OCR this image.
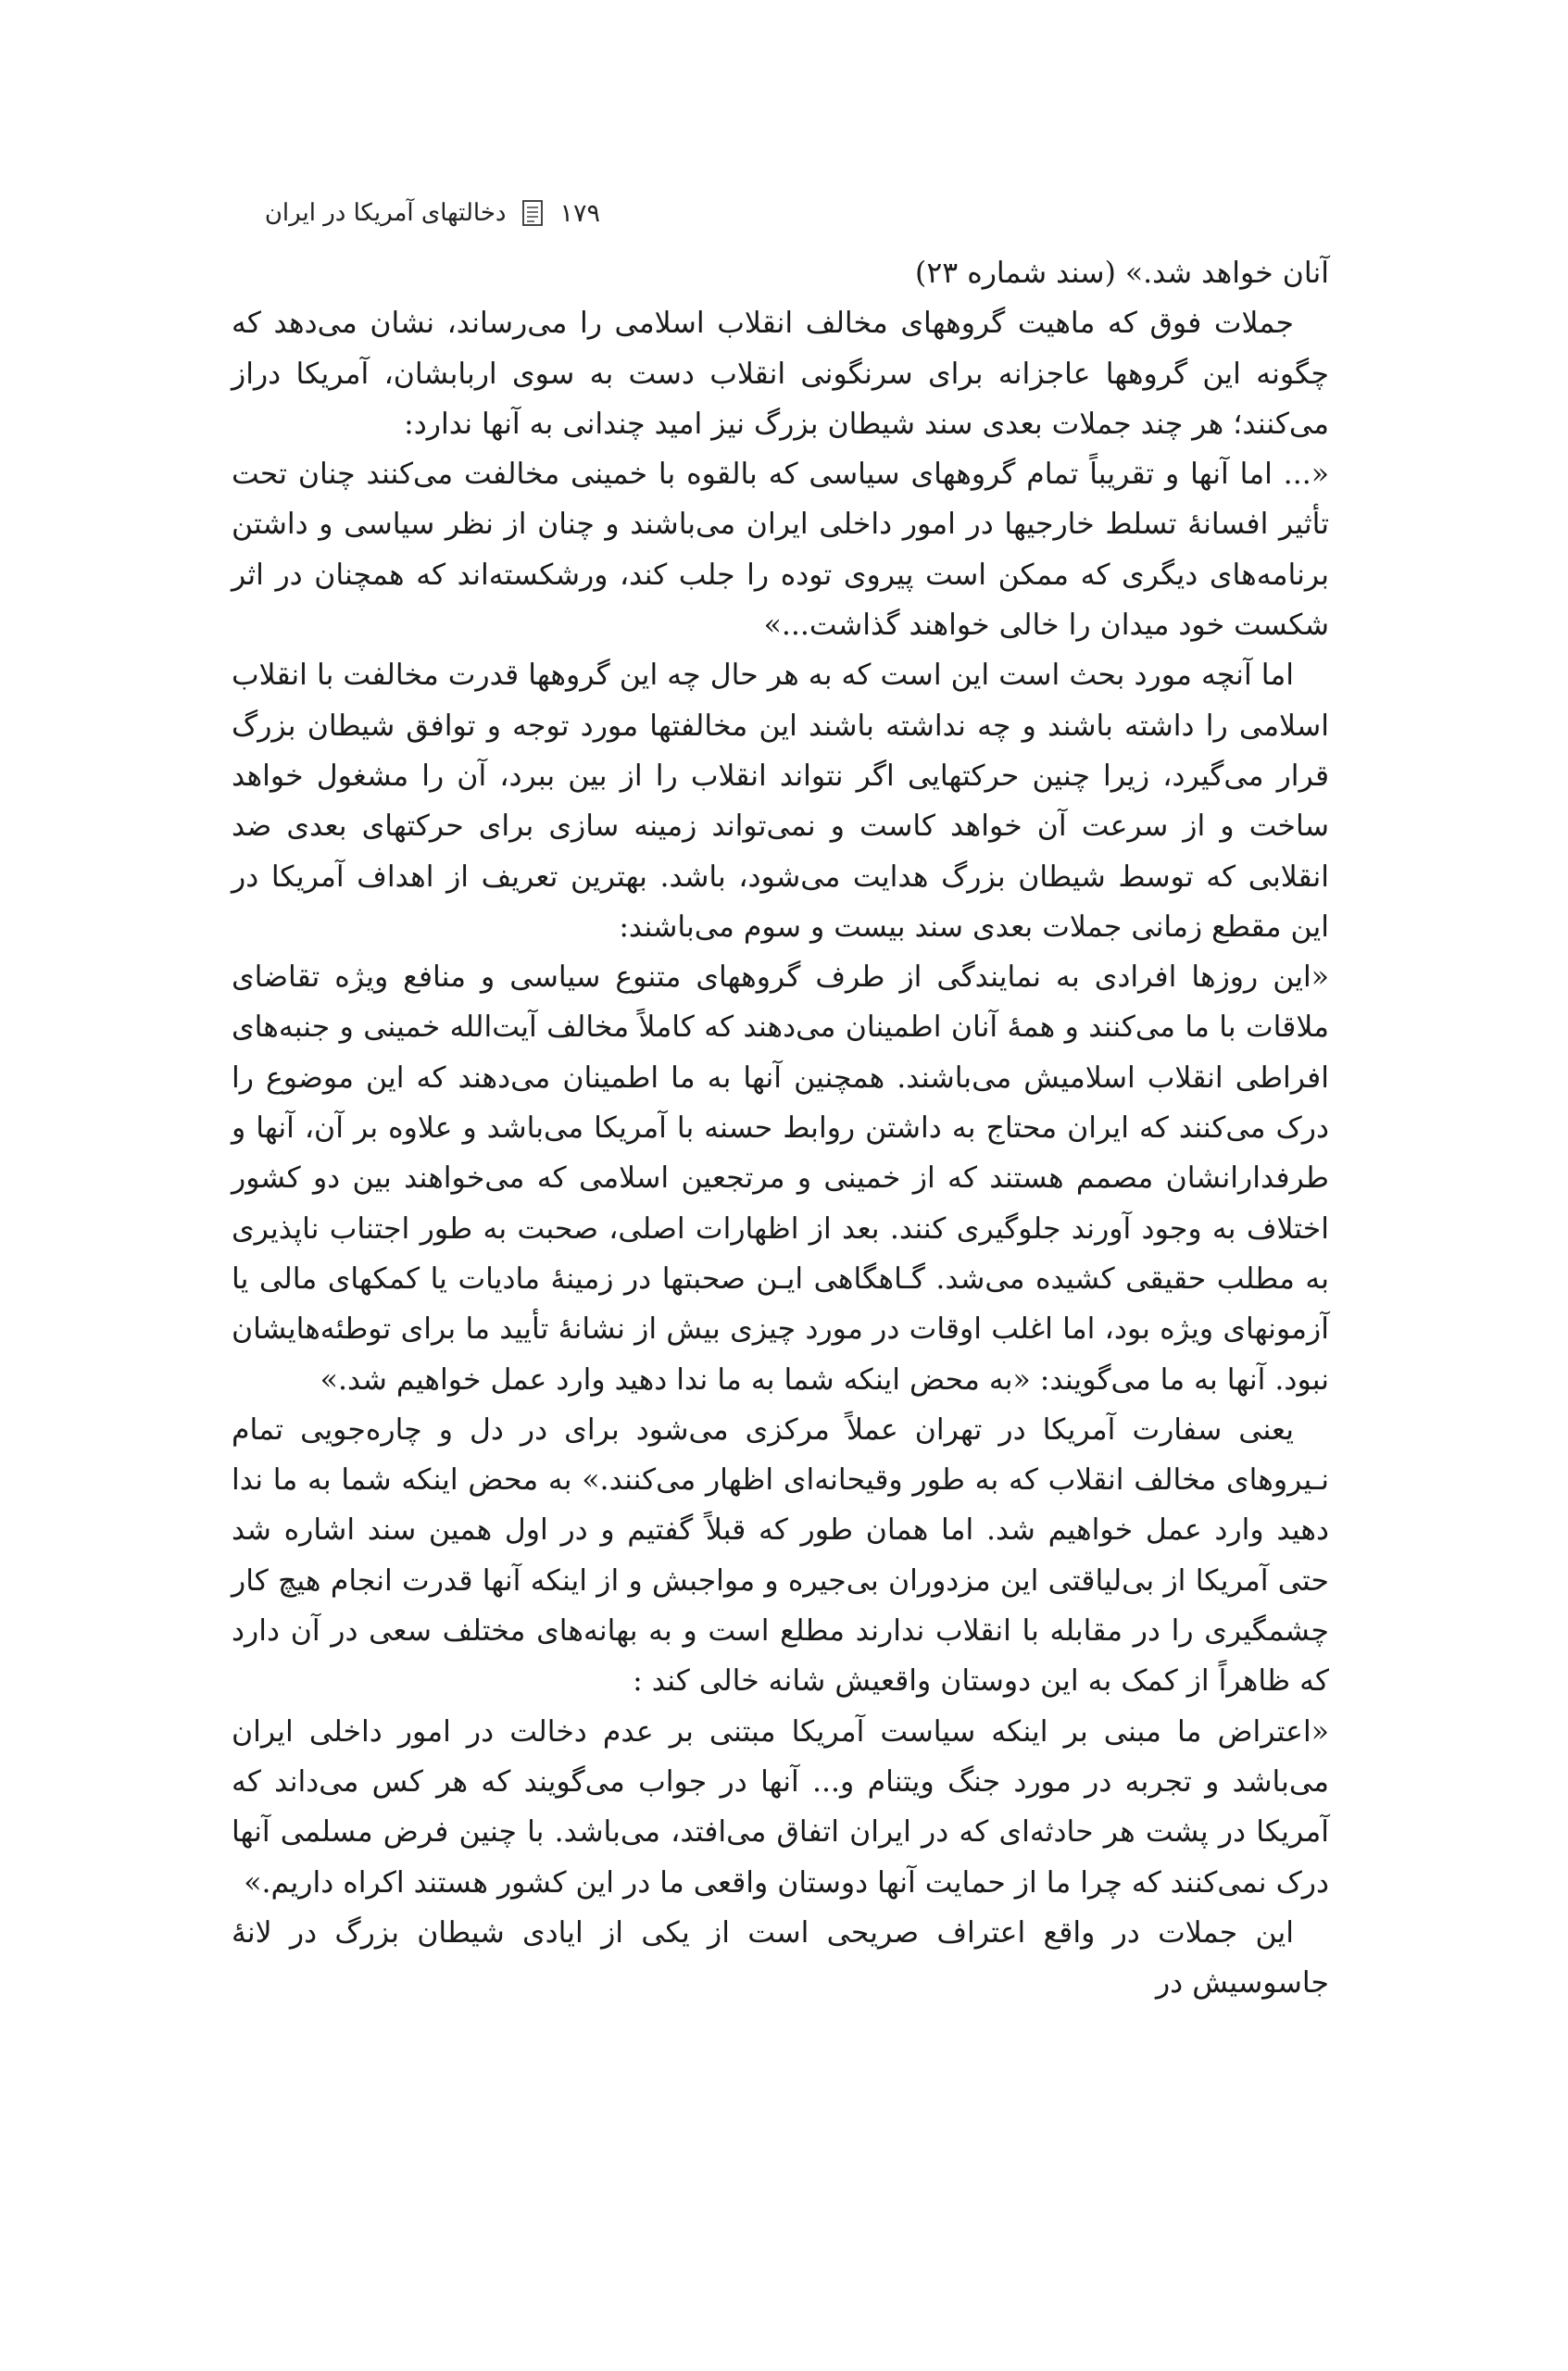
۱۷۹
دخالتهای آمریکا در ایران

آنان خواهد شد.» (سند شماره ۲۳)

جملات فوق که ماهیت گروههای مخالف انقلاب اسلامی را می‌رساند، نشان می‌دهد که چگونه این گروهها عاجزانه برای سرنگونی انقلاب دست به سوی اربابشان، آمریکا دراز می‌کنند؛ هر چند جملات بعدی سند شیطان بزرگ نیز امید چندانی به آنها ندارد:

«... اما آنها و تقریباً تمام گروههای سیاسی که بالقوه با خمینی مخالفت می‌کنند چنان تحت تأثیر افسانهٔ تسلط خارجیها در امور داخلی ایران می‌باشند و چنان از نظر سیاسی و داشتن برنامه‌های دیگری که ممکن است پیروی توده را جلب کند، ورشکسته‌اند که همچنان در اثر شکست خود میدان را خالی خواهند گذاشت...»

اما آنچه مورد بحث است این است که به هر حال چه این گروهها قدرت مخالفت با انقلاب اسلامی را داشته باشند و چه نداشته باشند این مخالفتها مورد توجه و توافق شیطان بزرگ قرار می‌گیرد، زیرا چنین حرکتهایی اگر نتواند انقلاب را از بین ببرد، آن را مشغول خواهد ساخت و از سرعت آن خواهد کاست و نمی‌تواند زمینه سازی برای حرکتهای بعدی ضد انقلابی که توسط شیطان بزرگ هدایت می‌شود، باشد. بهترین تعریف از اهداف آمریکا در این مقطع زمانی جملات بعدی سند بیست و سوم می‌باشند:

«این روزها افرادی به نمایندگی از طرف گروههای متنوع سیاسی و منافع ویژه تقاضای ملاقات با ما می‌کنند و همهٔ آنان اطمینان می‌دهند که کاملاً مخالف آیت‌الله خمینی و جنبه‌های افراطی انقلاب اسلامیش می‌باشند. همچنین آنها به ما اطمینان می‌دهند که این موضوع را درک می‌کنند که ایران محتاج به داشتن روابط حسنه با آمریکا می‌باشد و علاوه بر آن، آنها و طرفدارانشان مصمم هستند که از خمینی و مرتجعین اسلامی که می‌خواهند بین دو کشور اختلاف به وجود آورند جلوگیری کنند. بعد از اظهارات اصلی، صحبت به طور اجتناب ناپذیری به مطلب حقیقی کشیده می‌شد. گـاهگاهی ایـن صحبتها در زمینهٔ مادیات یا کمکهای مالی یا آزمونهای ویژه بود، اما اغلب اوقات در مورد چیزی بیش از نشانهٔ تأیید ما برای توطئه‌هایشان نبود. آنها به ما می‌گویند: «به محض اینکه شما به ما ندا دهید وارد عمل خواهیم شد.»

یعنی سفارت آمریکا در تهران عملاً مرکزی می‌شود برای در دل و چاره‌جویی تمام نـیروهای مخالف انقلاب که به طور وقیحانه‌ای اظهار می‌کنند.» به محض اینکه شما به ما ندا دهید وارد عمل خواهیم شد. اما همان طور که قبلاً گفتیم و در اول همین سند اشاره شد حتی آمریکا از بی‌لیاقتی این مزدوران بی‌جیره و مواجبش و از اینکه آنها قدرت انجام هیچ کار چشمگیری را در مقابله با انقلاب ندارند مطلع است و به بهانه‌های مختلف سعی در آن دارد که ظاهراً از کمک به این دوستان واقعیش شانه خالی کند :

«اعتراض ما مبنی بر اینکه سیاست آمریکا مبتنی بر عدم دخالت در امور داخلی ایران می‌باشد و تجربه در مورد جنگ ویتنام و... آنها در جواب می‌گویند که هر کس می‌داند که آمریکا در پشت هر حادثه‌ای که در ایران اتفاق می‌افتد، می‌باشد. با چنین فرض مسلمی آنها درک نمی‌کنند که چرا ما از حمایت آنها دوستان واقعی ما در این کشور هستند اکراه داریم.»

این جملات در واقع اعتراف صریحی است از یکی از ایادی شیطان بزرگ در لانهٔ جاسوسیش در
